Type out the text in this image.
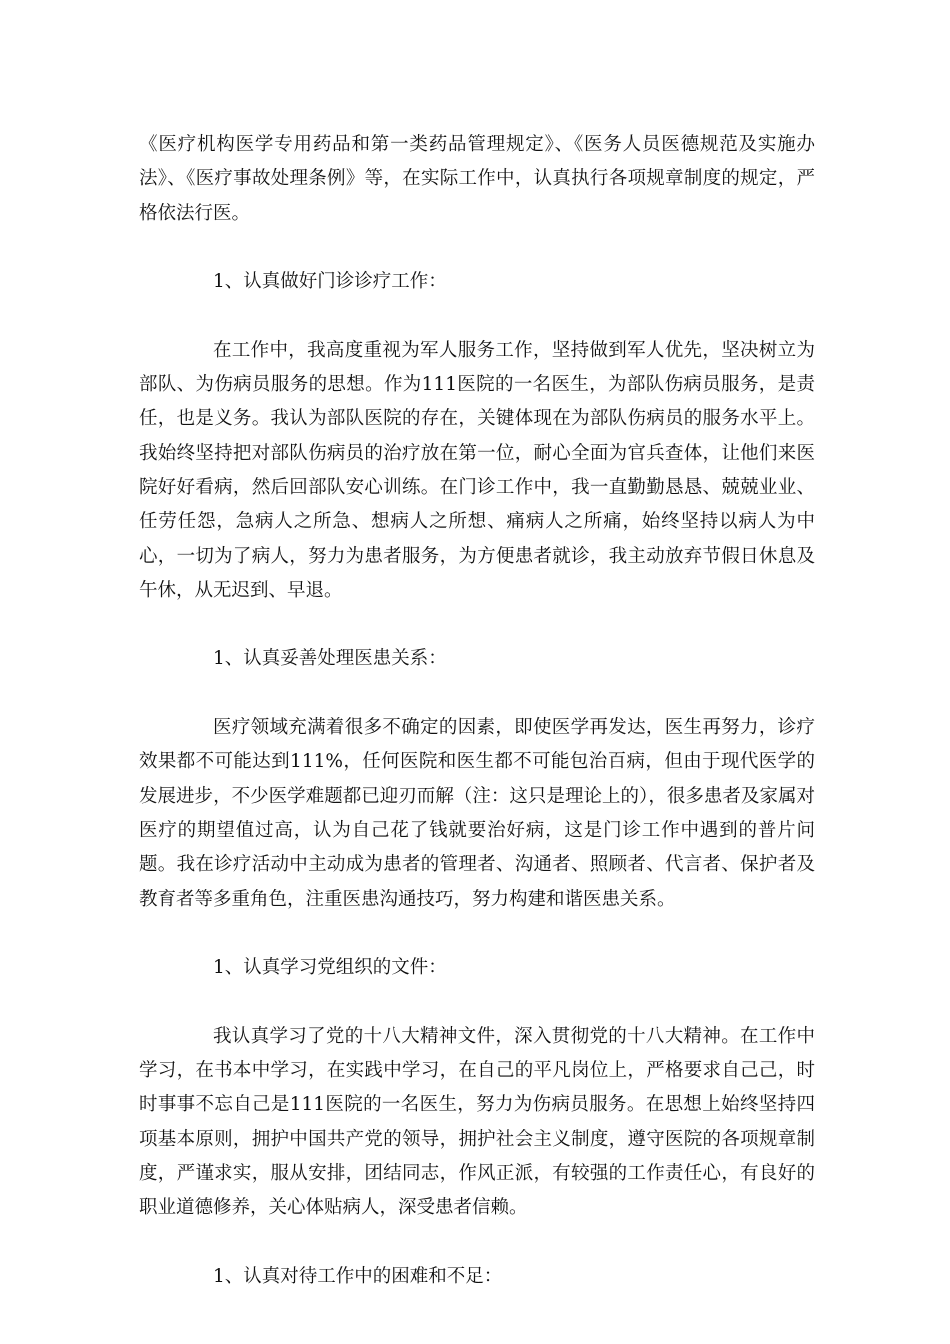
《医疗机构医学专用药品和第一类药品管理规定》、《医务人员医德规范及实施办法》、《医疗事故处理条例》等，在实际工作中，认真执行各项规章制度的规定，严格依法行医。

1、认真做好门诊诊疗工作：

在工作中，我高度重视为军人服务工作，坚持做到军人优先，坚决树立为部队、为伤病员服务的思想。作为111医院的一名医生，为部队伤病员服务，是责任，也是义务。我认为部队医院的存在，关键体现在为部队伤病员的服务水平上。我始终坚持把对部队伤病员的治疗放在第一位，耐心全面为官兵查体，让他们来医院好好看病，然后回部队安心训练。在门诊工作中，我一直勤勤恳恳、兢兢业业、任劳任怨，急病人之所急、想病人之所想、痛病人之所痛，始终坚持以病人为中心，一切为了病人，努力为患者服务，为方便患者就诊，我主动放弃节假日休息及午休，从无迟到、早退。

1、认真妥善处理医患关系：

医疗领域充满着很多不确定的因素，即使医学再发达，医生再努力，诊疗效果都不可能达到111%，任何医院和医生都不可能包治百病，但由于现代医学的发展进步，不少医学难题都已迎刃而解（注：这只是理论上的），很多患者及家属对医疗的期望值过高，认为自己花了钱就要治好病，这是门诊工作中遇到的普片问题。我在诊疗活动中主动成为患者的管理者、沟通者、照顾者、代言者、保护者及教育者等多重角色，注重医患沟通技巧，努力构建和谐医患关系。

1、认真学习党组织的文件：

我认真学习了党的十八大精神文件，深入贯彻党的十八大精神。在工作中学习，在书本中学习，在实践中学习，在自己的平凡岗位上，严格要求自己己，时时事事不忘自己是111医院的一名医生，努力为伤病员服务。在思想上始终坚持四项基本原则，拥护中国共产党的领导，拥护社会主义制度，遵守医院的各项规章制度，严谨求实，服从安排，团结同志，作风正派，有较强的工作责任心，有良好的职业道德修养，关心体贴病人，深受患者信赖。

1、认真对待工作中的困难和不足：
